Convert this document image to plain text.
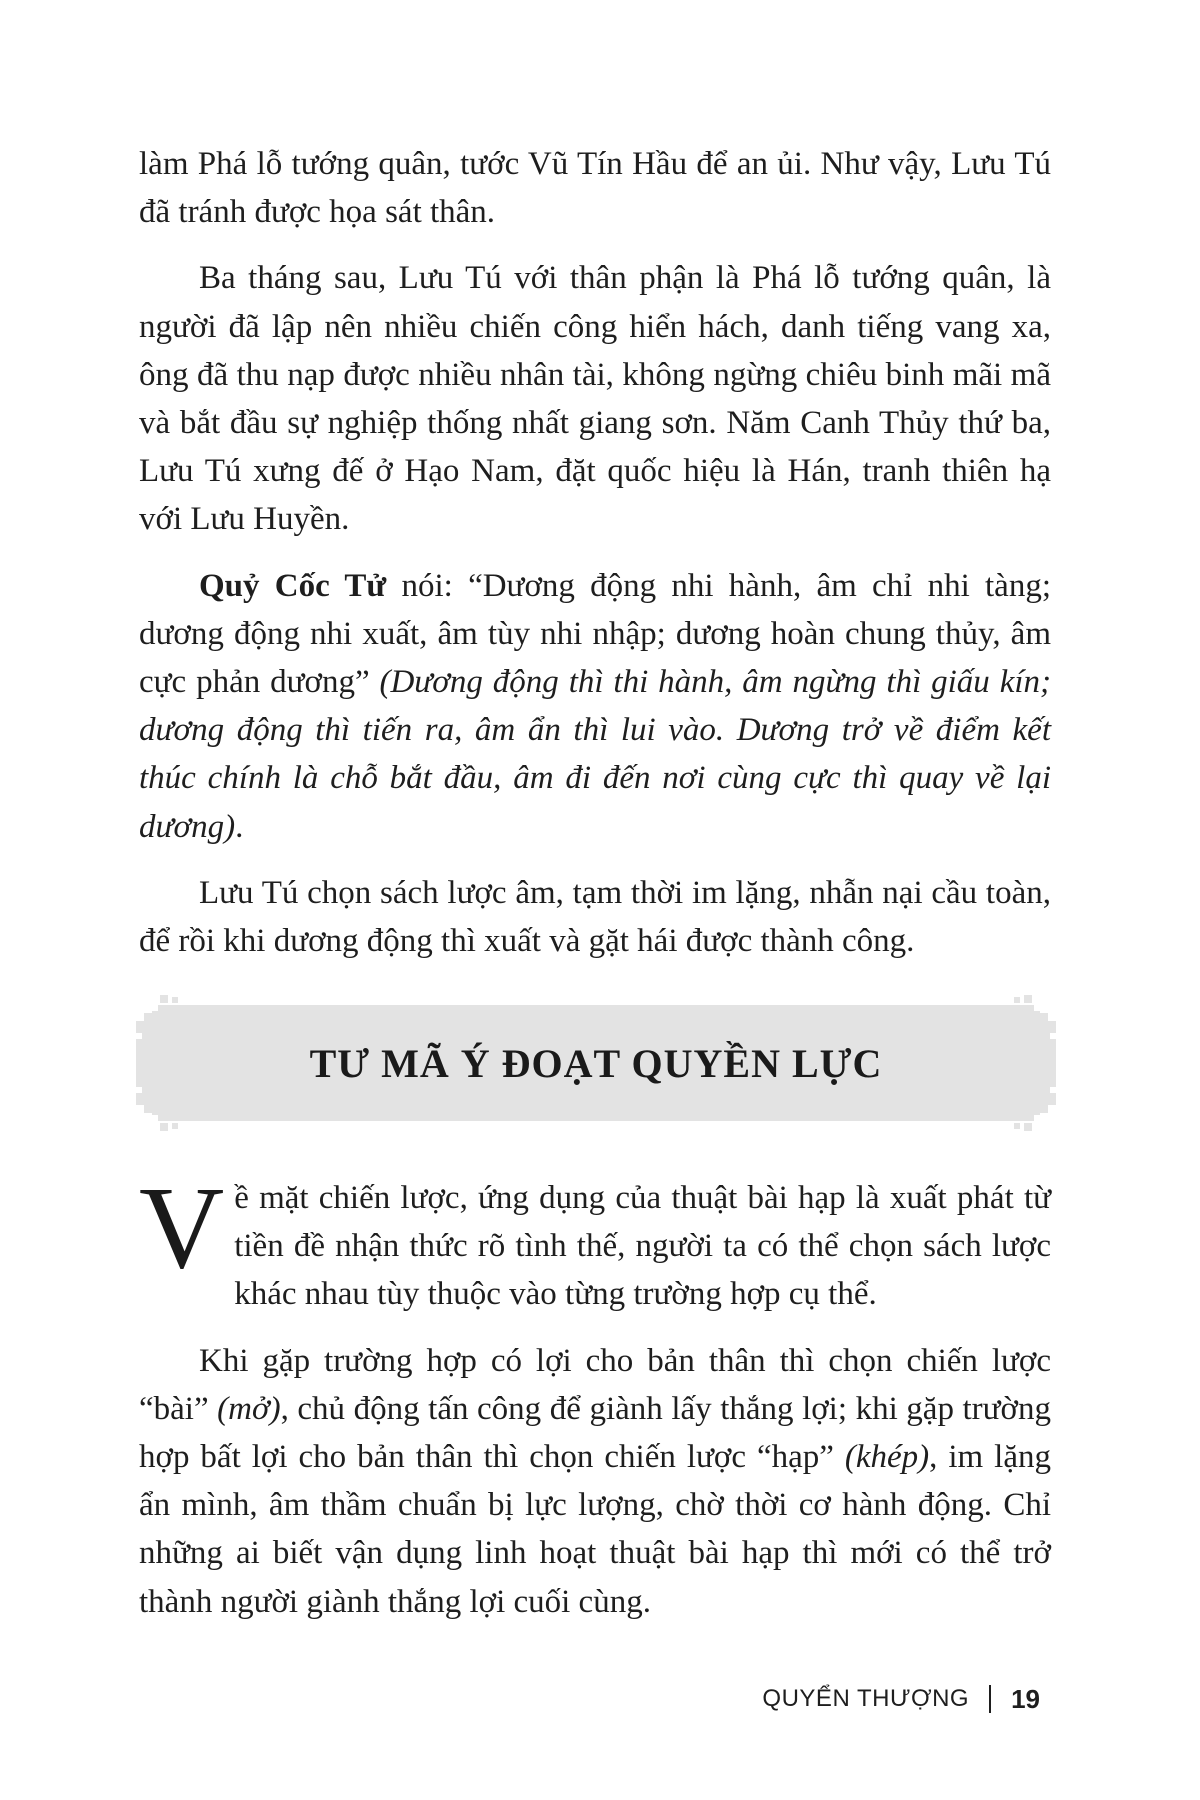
làm Phá lỗ tướng quân, tước Vũ Tín Hầu để an ủi. Như vậy, Lưu Tú đã tránh được họa sát thân.

Ba tháng sau, Lưu Tú với thân phận là Phá lỗ tướng quân, là người đã lập nên nhiều chiến công hiển hách, danh tiếng vang xa, ông đã thu nạp được nhiều nhân tài, không ngừng chiêu binh mãi mã và bắt đầu sự nghiệp thống nhất giang sơn. Năm Canh Thủy thứ ba, Lưu Tú xưng đế ở Hạo Nam, đặt quốc hiệu là Hán, tranh thiên hạ với Lưu Huyền.

Quỷ Cốc Tử nói: “Dương động nhi hành, âm chỉ nhi tàng; dương động nhi xuất, âm tùy nhi nhập; dương hoàn chung thủy, âm cực phản dương” (Dương động thì thi hành, âm ngừng thì giấu kín; dương động thì tiến ra, âm ẩn thì lui vào. Dương trở về điểm kết thúc chính là chỗ bắt đầu, âm đi đến nơi cùng cực thì quay về lại dương).

Lưu Tú chọn sách lược âm, tạm thời im lặng, nhẫn nại cầu toàn, để rồi khi dương động thì xuất và gặt hái được thành công.

TƯ MÃ Ý ĐOẠT QUYỀN LỰC

Về mặt chiến lược, ứng dụng của thuật bài hạp là xuất phát từ tiền đề nhận thức rõ tình thế, người ta có thể chọn sách lược khác nhau tùy thuộc vào từng trường hợp cụ thể.

Khi gặp trường hợp có lợi cho bản thân thì chọn chiến lược “bài” (mở), chủ động tấn công để giành lấy thắng lợi; khi gặp trường hợp bất lợi cho bản thân thì chọn chiến lược “hạp” (khép), im lặng ẩn mình, âm thầm chuẩn bị lực lượng, chờ thời cơ hành động. Chỉ những ai biết vận dụng linh hoạt thuật bài hạp thì mới có thể trở thành người giành thắng lợi cuối cùng.

QUYỂN THƯỢNG 19
